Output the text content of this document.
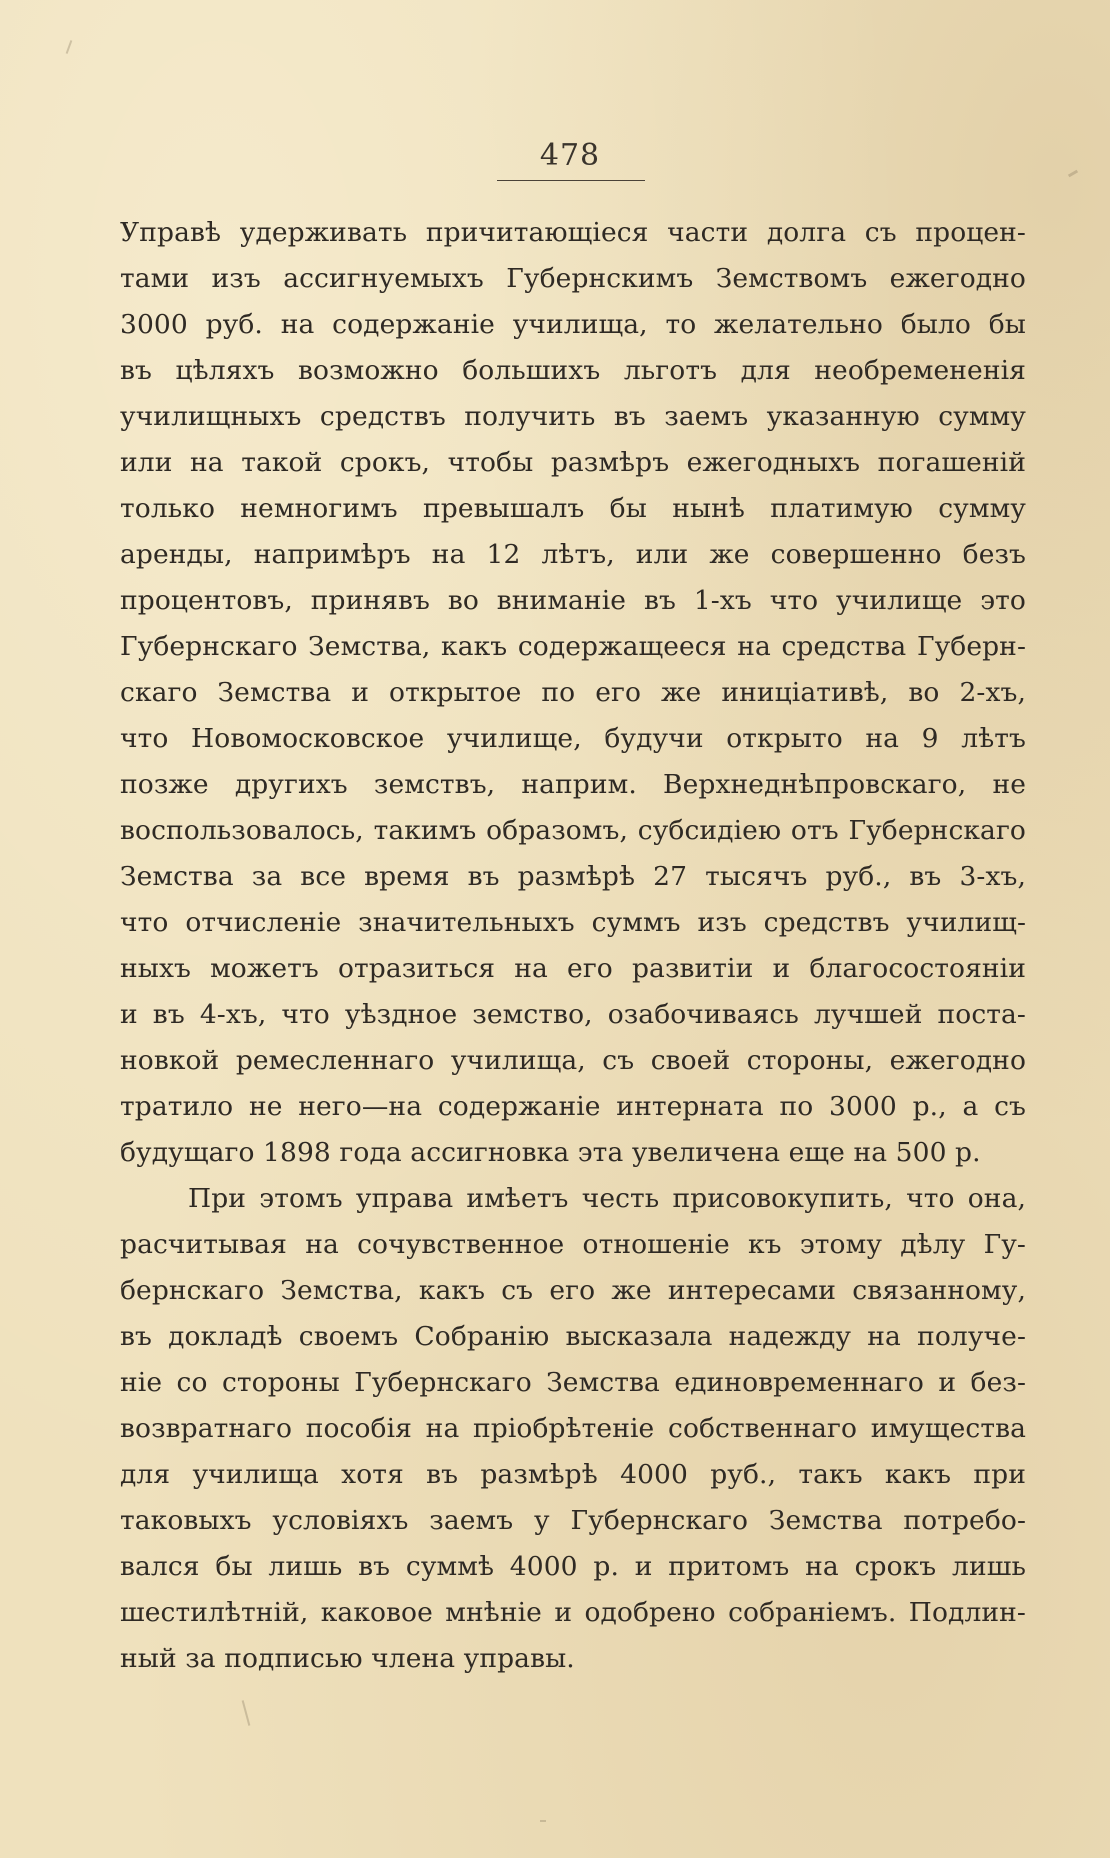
478
Управѣ удерживать причитающіеся части долга съ процен-
тами изъ ассигнуемыхъ Губернскимъ Земствомъ ежегодно
3000 руб. на содержаніе училища, то желательно было бы
въ цѣляхъ возможно большихъ льготъ для необремененія
училищныхъ средствъ получить въ заемъ указанную сумму
или на такой срокъ, чтобы размѣръ ежегодныхъ погашеній
только немногимъ превышалъ бы нынѣ платимую сумму
аренды, напримѣръ на 12 лѣтъ, или же совершенно безъ
процентовъ, принявъ во вниманіе въ 1-хъ что училище это
Губернскаго Земства, какъ содержащееся на средства Губерн-
скаго Земства и открытое по его же иниціативѣ, во 2-хъ,
что Новомосковское училище, будучи открыто на 9 лѣтъ
позже другихъ земствъ, наприм. Верхнеднѣпровскаго, не
воспользовалось, такимъ образомъ, субсидіею отъ Губернскаго
Земства за все время въ размѣрѣ 27 тысячъ руб., въ 3-хъ,
что отчисленіе значительныхъ суммъ изъ средствъ училищ-
ныхъ можетъ отразиться на его развитіи и благосостояніи
и въ 4-хъ, что уѣздное земство, озабочиваясь лучшей поста-
новкой ремесленнаго училища, съ своей стороны, ежегодно
тратило не него—на содержаніе интерната по 3000 р., а съ
будущаго 1898 года ассигновка эта увеличена еще на 500 р.
При этомъ управа имѣетъ честь присовокупить, что она,
расчитывая на сочувственное отношеніе къ этому дѣлу Гу-
бернскаго Земства, какъ съ его же интересами связанному,
въ докладѣ своемъ Собранію высказала надежду на получе-
ніе со стороны Губернскаго Земства единовременнаго и без-
возвратнаго пособія на пріобрѣтеніе собственнаго имущества
для училища хотя въ размѣрѣ 4000 руб., такъ какъ при
таковыхъ условіяхъ заемъ у Губернскаго Земства потребо-
вался бы лишь въ суммѣ 4000 р. и притомъ на срокъ лишь
шестилѣтній, каковое мнѣніе и одобрено собраніемъ. Подлин-
ный за подписью члена управы.
